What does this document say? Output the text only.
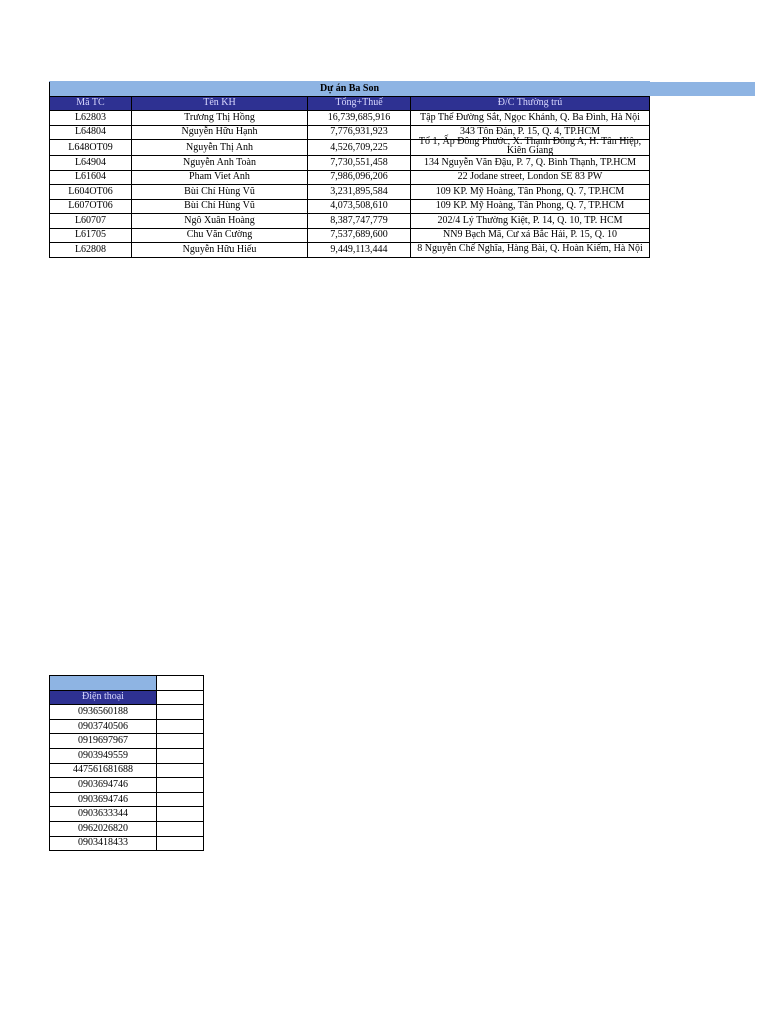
Dự án Ba Son			
Mã TC	Tên KH	Tổng+Thuế	Đ/C Thường trú
L62803	Trương Thị Hồng	16,739,685,916	Tập Thể Đường Sắt, Ngọc Khánh, Q. Ba Đình, Hà Nội
L64804	Nguyễn Hữu Hạnh	7,776,931,923	343 Tôn Đản, P. 15, Q. 4, TP.HCM
L648OT09	Nguyễn Thị Anh	4,526,709,225	Tổ 1, Ấp Đông Phước, X. Thạnh Đông A, H. Tân Hiệp, Kiên Giang

L64904	Nguyễn Anh Toàn	7,730,551,458	134 Nguyễn Văn Đậu, P. 7, Q. Bình Thạnh, TP.HCM
L61604	Pham Viet Anh	7,986,096,206	22 Jodane street, London SE 83 PW
L604OT06	Bùi Chí Hùng Vũ	3,231,895,584	109 KP. Mỹ Hoàng, Tân Phong, Q. 7, TP.HCM
L607OT06	Bùi Chí Hùng Vũ	4,073,508,610	109 KP. Mỹ Hoàng, Tân Phong, Q. 7, TP.HCM
L60707	Ngô Xuân Hoàng	8,387,747,779	202/4 Lý Thường Kiệt, P. 14, Q. 10, TP. HCM
L61705	Chu Văn Cường	7,537,689,600	NN9 Bạch Mã, Cư xá Bắc Hải, P. 15, Q. 10
L62808	Nguyễn Hữu Hiếu	9,449,113,444	8 Nguyễn Chế Nghĩa, Hàng Bài, Q. Hoàn Kiếm, Hà Nội

Điện thoại	
0936560188	
0903740506	
0919697967	
0903949559	
447561681688	
0903694746	
0903694746	
0903633344	
0962026820	
0903418433	
